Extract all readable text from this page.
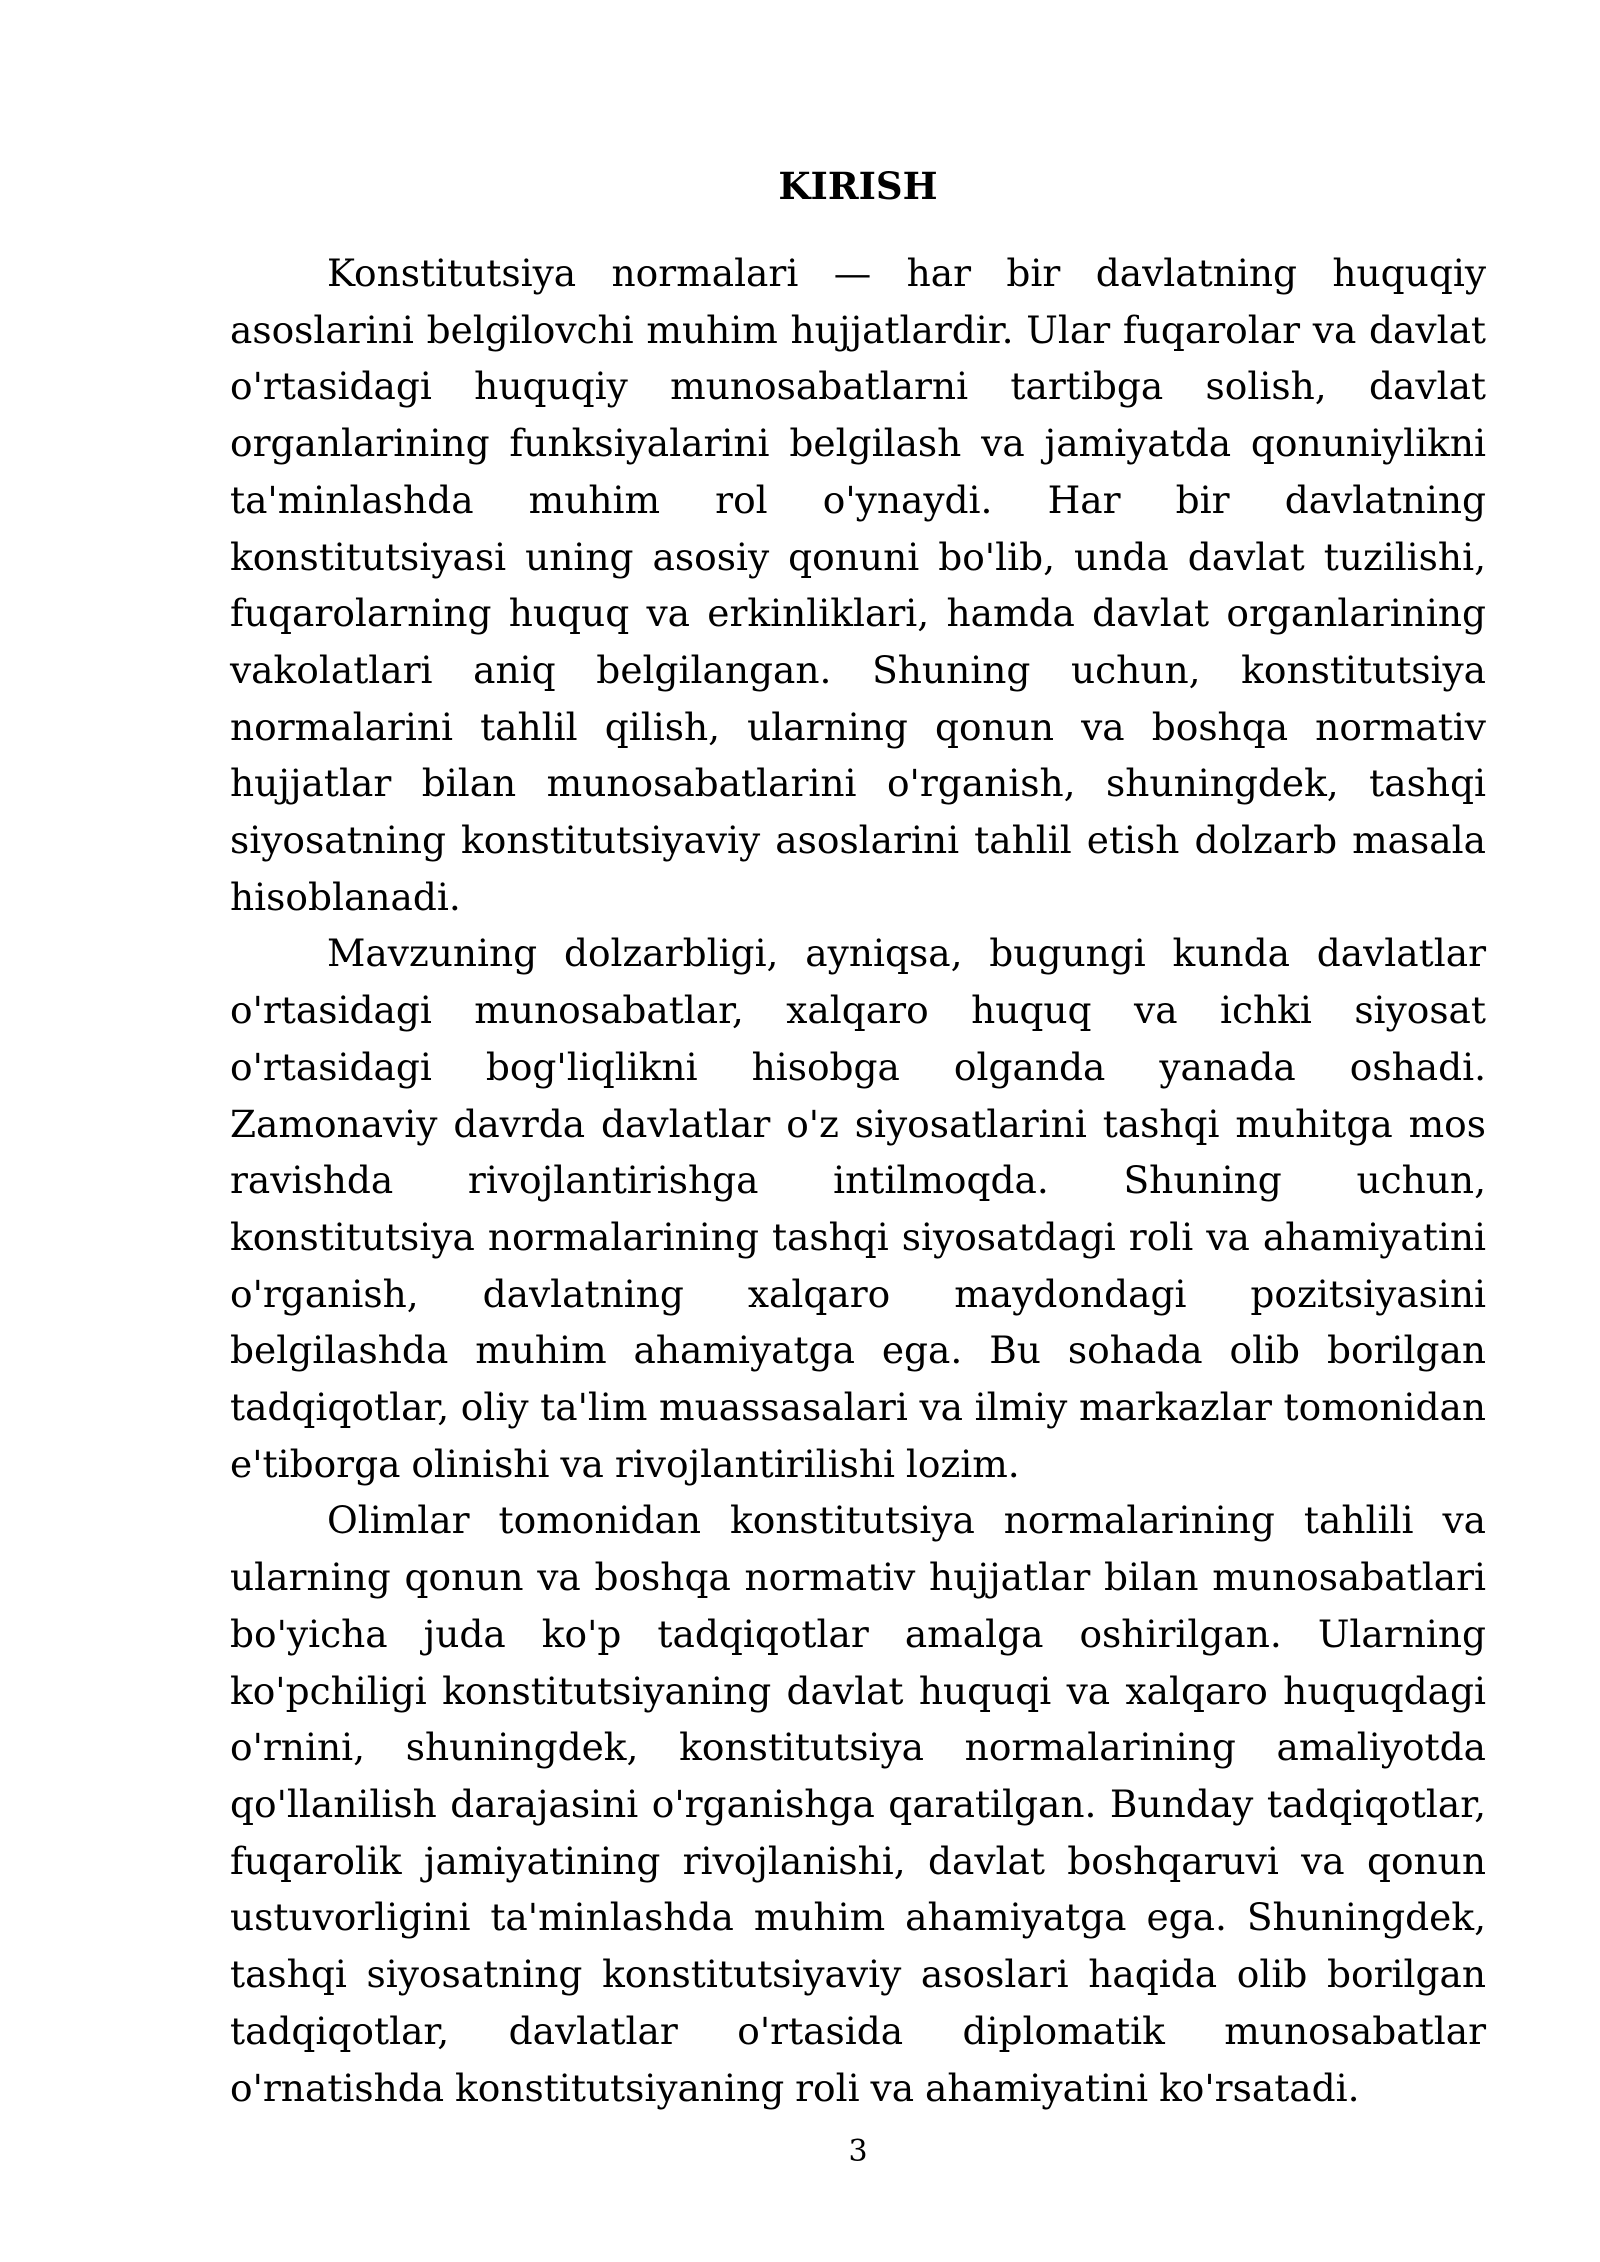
KIRISH

Konstitutsiya normalari — har bir davlatning huquqiy asoslarini belgilovchi muhim hujjatlardir. Ular fuqarolar va davlat o'rtasidagi huquqiy munosabatlarni tartibga solish, davlat organlarining funksiyalarini belgilash va jamiyatda qonuniylikni ta'minlashda muhim rol o'ynaydi. Har bir davlatning konstitutsiyasi uning asosiy qonuni bo'lib, unda davlat tuzilishi, fuqarolarning huquq va erkinliklari, hamda davlat organlarining vakolatlari aniq belgilangan. Shuning uchun, konstitutsiya normalarini tahlil qilish, ularning qonun va boshqa normativ hujjatlar bilan munosabatlarini o'rganish, shuningdek, tashqi siyosatning konstitutsiyaviy asoslarini tahlil etish dolzarb masala hisoblanadi.

Mavzuning dolzarbligi, ayniqsa, bugungi kunda davlatlar o'rtasidagi munosabatlar, xalqaro huquq va ichki siyosat o'rtasidagi bog'liqlikni hisobga olganda yanada oshadi. Zamonaviy davrda davlatlar o'z siyosatlarini tashqi muhitga mos ravishda rivojlantirishga intilmoqda. Shuning uchun, konstitutsiya normalarining tashqi siyosatdagi roli va ahamiyatini o'rganish, davlatning xalqaro maydondagi pozitsiyasini belgilashda muhim ahamiyatga ega. Bu sohada olib borilgan tadqiqotlar, oliy ta'lim muassasalari va ilmiy markazlar tomonidan e'tiborga olinishi va rivojlantirilishi lozim.

Olimlar tomonidan konstitutsiya normalarining tahlili va ularning qonun va boshqa normativ hujjatlar bilan munosabatlari bo'yicha juda ko'p tadqiqotlar amalga oshirilgan. Ularning ko'pchiligi konstitutsiyaning davlat huquqi va xalqaro huquqdagi o'rnini, shuningdek, konstitutsiya normalarining amaliyotda qo'llanilish darajasini o'rganishga qaratilgan. Bunday tadqiqotlar, fuqarolik jamiyatining rivojlanishi, davlat boshqaruvi va qonun ustuvorligini ta'minlashda muhim ahamiyatga ega. Shuningdek, tashqi siyosatning konstitutsiyaviy asoslari haqida olib borilgan tadqiqotlar, davlatlar o'rtasida diplomatik munosabatlar o'rnatishda konstitutsiyaning roli va ahamiyatini ko'rsatadi.

3
